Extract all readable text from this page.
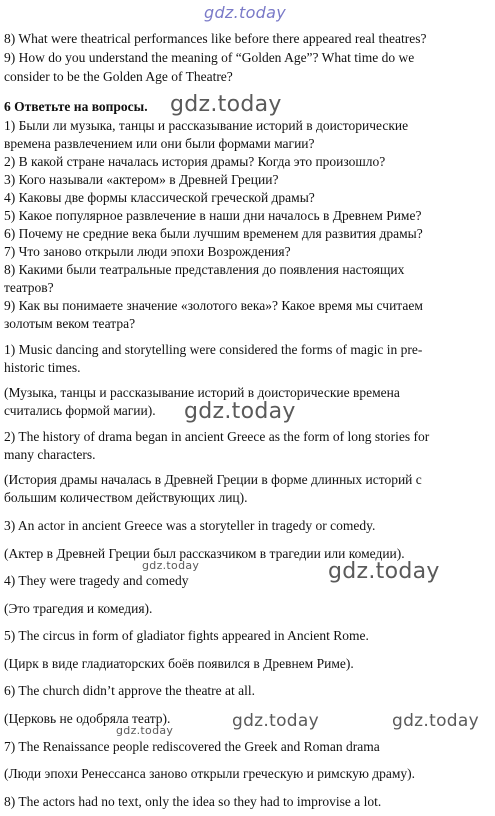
gdz.today
8) What were theatrical performances like before there appeared real theatres?
9) How do you understand the meaning of “Golden Age”? What time do we
consider to be the Golden Age of Theatre?
6 Ответьте на вопросы.	gdz.today
1) Были ли музыка, танцы и рассказывание историй в доисторические
времена развлечением или они были формами магии?
2) В какой стране началась история драмы? Когда это произошло?
3) Кого называли «актером» в Древней Греции?
4) Каковы две формы классической греческой драмы?
5) Какое популярное развлечение в наши дни началось в Древнем Риме?
6) Почему не средние века были лучшим временем для развития драмы?
7) Что заново открыли люди эпохи Возрождения?
8) Какими были театральные представления до появления настоящих
театров?
9) Как вы понимаете значение «золотого века»? Какое время мы считаем
золотым веком театра?
1) Music dancing and storytelling were considered the forms of magic in pre-
historic times.
(Музыка, танцы и рассказывание историй в доисторические времена
считались формой магии).	gdz.today
2) The history of drama began in ancient Greece as the form of long stories for
many characters.
(История драмы началась в Древней Греции в форме длинных историй с
большим количеством действующих лиц).
3) An actor in ancient Greece was a storyteller in tragedy or comedy.
(Актер в Древней Греции был рассказчиком в трагедии или комедии).
gdz.today	gdz.today
4) They were tragedy and comedy
(Это трагедия и комедия).
5) The circus in form of gladiator fights appeared in Ancient Rome.
(Цирк в виде гладиаторских боёв появился в Древнем Риме).
6) The church didn’t approve the theatre at all.
(Церковь не одобряла театр).	gdz.today	gdz.today
gdz.today
7) The Renaissance people rediscovered the Greek and Roman drama
(Люди эпохи Ренессанса заново открыли греческую и римскую драму).
8) The actors had no text, only the idea so they had to improvise a lot.
